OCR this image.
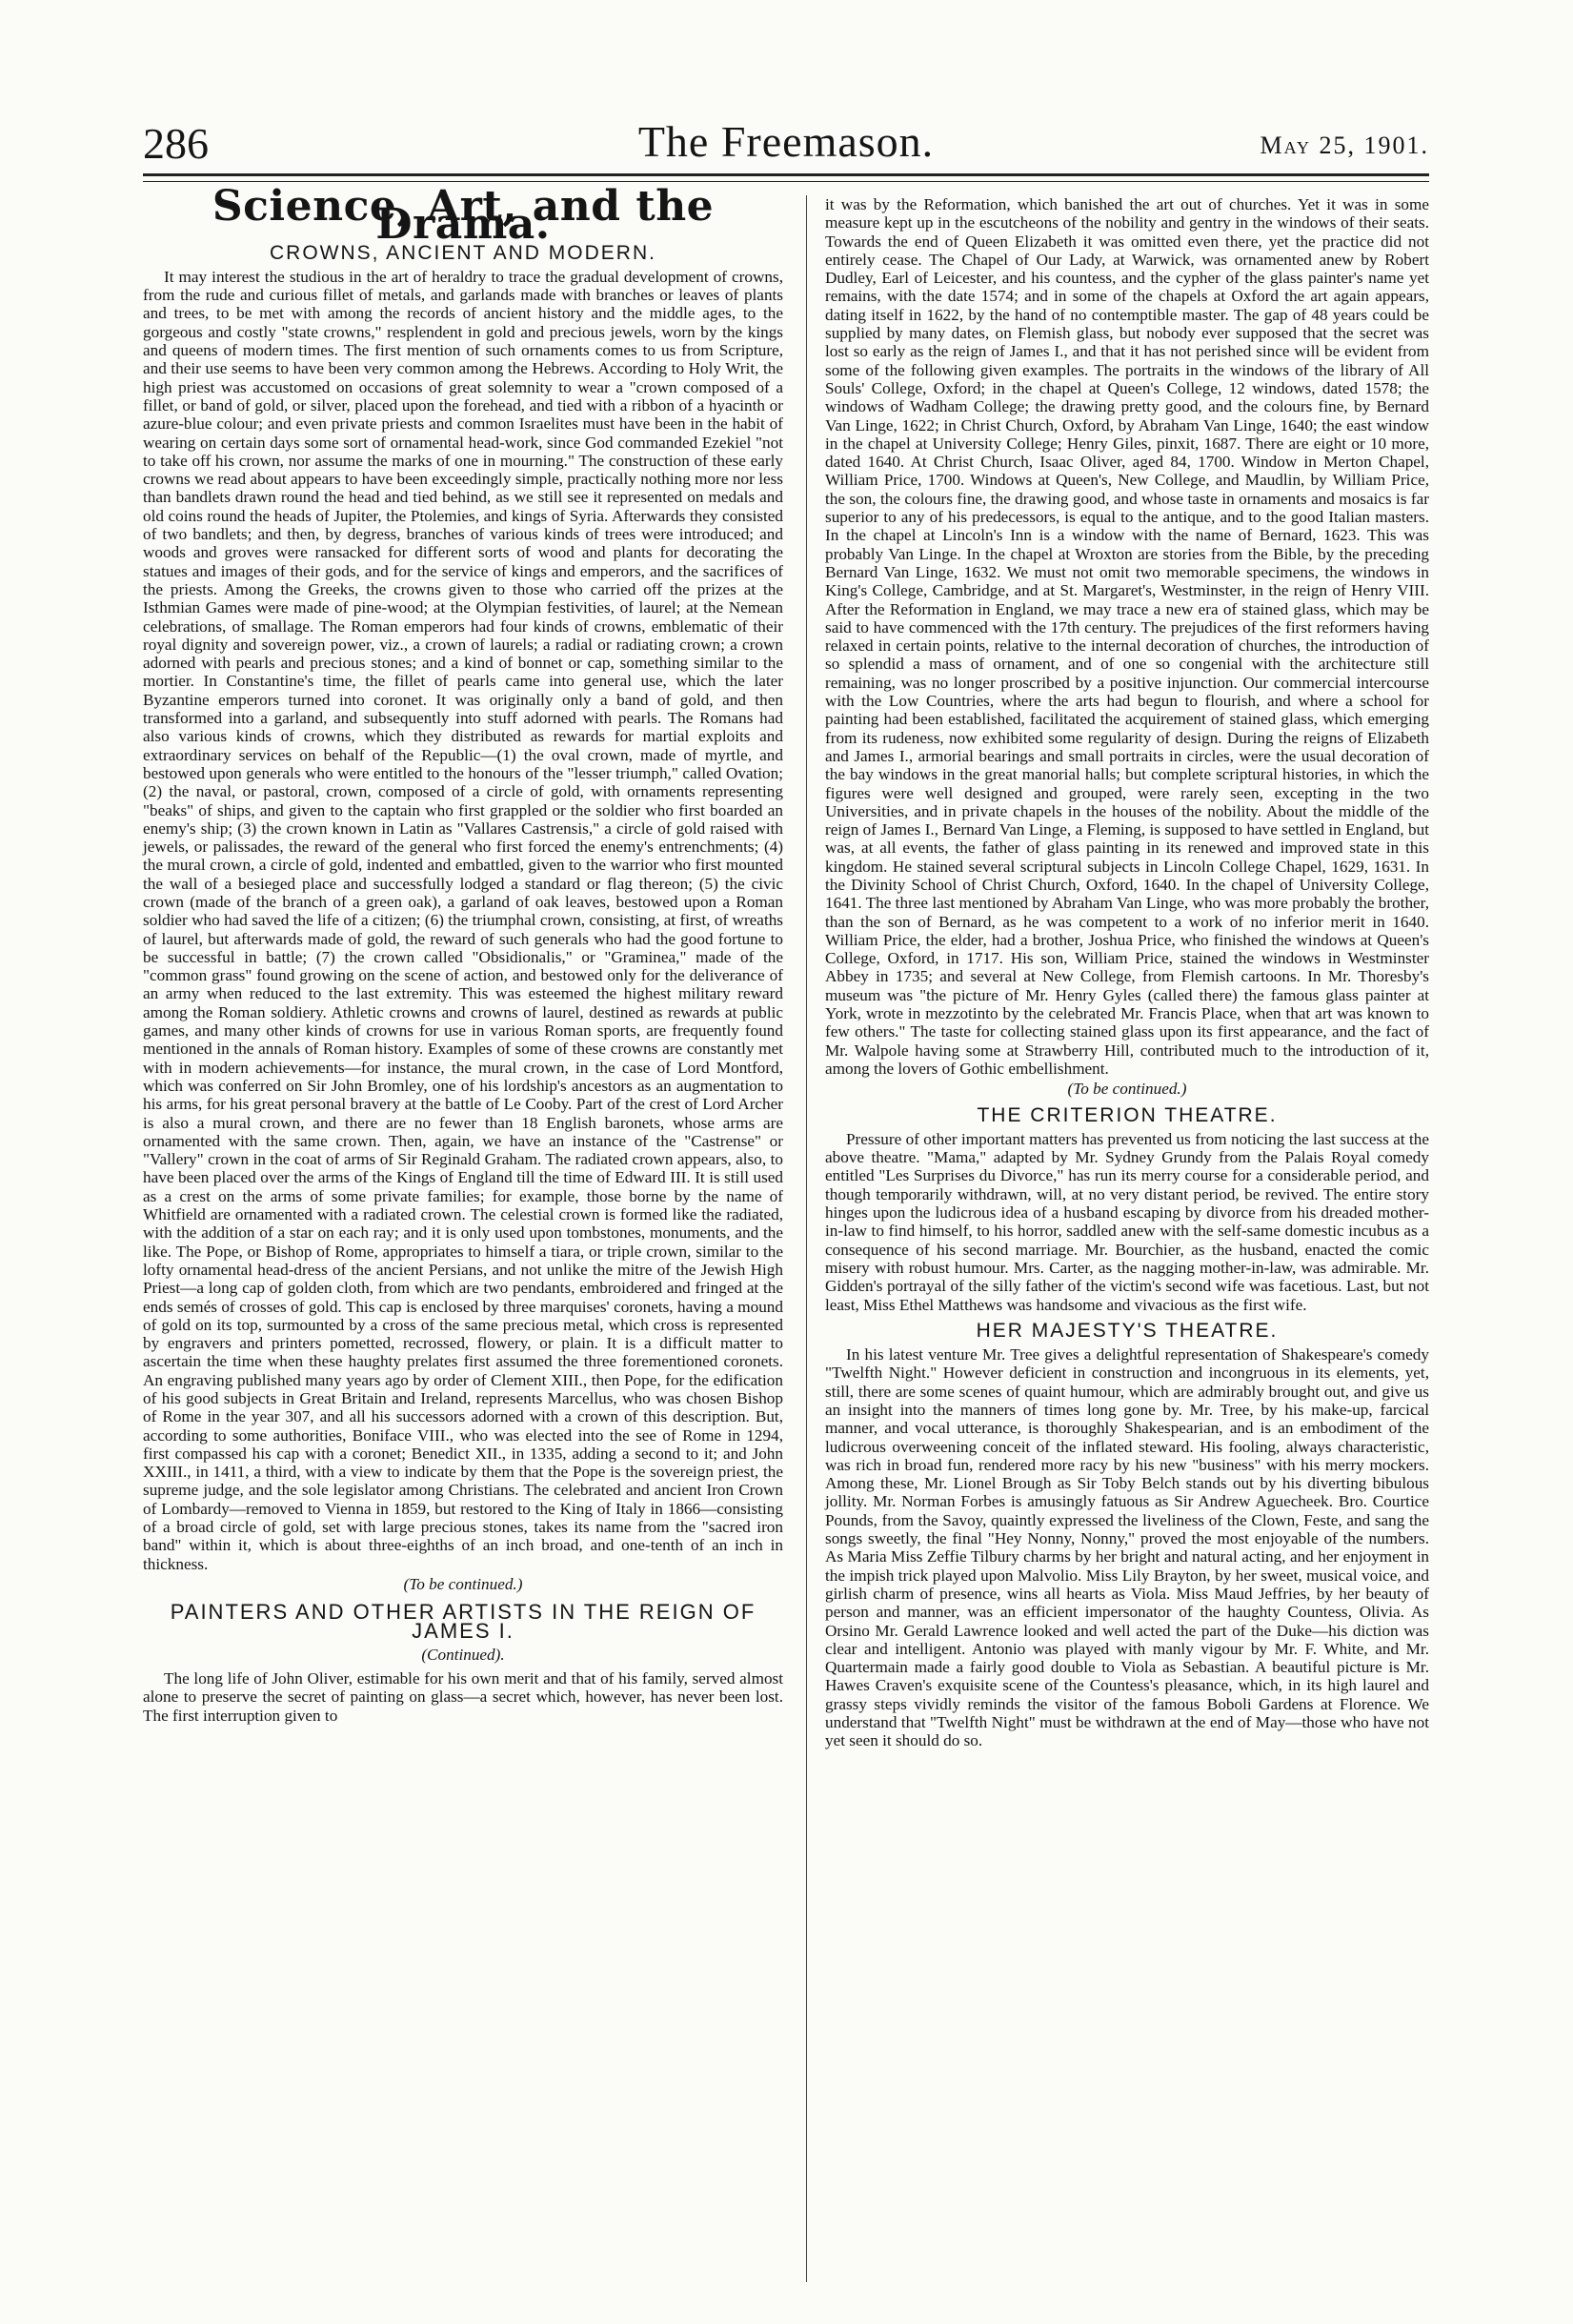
286	The Freemason.	May 25, 1901.
Science, Art, and the Drama.
CROWNS, ANCIENT AND MODERN.

It may interest the studious in the art of heraldry to trace the gradual development of crowns, from the rude and curious fillet of metals, and garlands made with branches or leaves of plants and trees, to be met with among the records of ancient history and the middle ages, to the gorgeous and costly "state crowns," resplendent in gold and precious jewels, worn by the kings and queens of modern times. The first mention of such ornaments comes to us from Scripture, and their use seems to have been very common among the Hebrews. According to Holy Writ, the high priest was accustomed on occasions of great solemnity to wear a "crown composed of a fillet, or band of gold, or silver, placed upon the forehead, and tied with a ribbon of a hyacinth or azure-blue colour; and even private priests and common Israelites must have been in the habit of wearing on certain days some sort of ornamental head-work, since God commanded Ezekiel "not to take off his crown, nor assume the marks of one in mourning." The construction of these early crowns we read about appears to have been exceedingly simple, practically nothing more nor less than bandlets drawn round the head and tied behind, as we still see it represented on medals and old coins round the heads of Jupiter, the Ptolemies, and kings of Syria. Afterwards they consisted of two bandlets; and then, by degress, branches of various kinds of trees were introduced; and woods and groves were ransacked for different sorts of wood and plants for decorating the statues and images of their gods, and for the service of kings and emperors, and the sacrifices of the priests. Among the Greeks, the crowns given to those who carried off the prizes at the Isthmian Games were made of pine-wood; at the Olympian festivities, of laurel; at the Nemean celebrations, of smallage. The Roman emperors had four kinds of crowns, emblematic of their royal dignity and sovereign power, viz., a crown of laurels; a radial or radiating crown; a crown adorned with pearls and precious stones; and a kind of bonnet or cap, something similar to the mortier. In Constantine's time, the fillet of pearls came into general use, which the later Byzantine emperors turned into coronet. It was originally only a band of gold, and then transformed into a garland, and subsequently into stuff adorned with pearls. The Romans had also various kinds of crowns, which they distributed as rewards for martial exploits and extraordinary services on behalf of the Republic—(1) the oval crown, made of myrtle, and bestowed upon generals who were entitled to the honours of the "lesser triumph," called Ovation; (2) the naval, or pastoral, crown, composed of a circle of gold, with ornaments representing "beaks" of ships, and given to the captain who first grappled or the soldier who first boarded an enemy's ship; (3) the crown known in Latin as "Vallares Castrensis," a circle of gold raised with jewels, or palissades, the reward of the general who first forced the enemy's entrenchments; (4) the mural crown, a circle of gold, indented and embattled, given to the warrior who first mounted the wall of a besieged place and successfully lodged a standard or flag thereon; (5) the civic crown (made of the branch of a green oak), a garland of oak leaves, bestowed upon a Roman soldier who had saved the life of a citizen; (6) the triumphal crown, consisting, at first, of wreaths of laurel, but afterwards made of gold, the reward of such generals who had the good fortune to be successful in battle; (7) the crown called "Obsidionalis," or "Graminea," made of the "common grass" found growing on the scene of action, and bestowed only for the deliverance of an army when reduced to the last extremity. This was esteemed the highest military reward among the Roman soldiery. Athletic crowns and crowns of laurel, destined as rewards at public games, and many other kinds of crowns for use in various Roman sports, are frequently found mentioned in the annals of Roman history. Examples of some of these crowns are constantly met with in modern achievements—for instance, the mural crown, in the case of Lord Montford, which was conferred on Sir John Bromley, one of his lordship's ancestors as an augmentation to his arms, for his great personal bravery at the battle of Le Cooby. Part of the crest of Lord Archer is also a mural crown, and there are no fewer than 18 English baronets, whose arms are ornamented with the same crown. Then, again, we have an instance of the "Castrense" or "Vallery" crown in the coat of arms of Sir Reginald Graham. The radiated crown appears, also, to have been placed over the arms of the Kings of England till the time of Edward III. It is still used as a crest on the arms of some private families; for example, those borne by the name of Whitfield are ornamented with a radiated crown. The celestial crown is formed like the radiated, with the addition of a star on each ray; and it is only used upon tombstones, monuments, and the like. The Pope, or Bishop of Rome, appropriates to himself a tiara, or triple crown, similar to the lofty ornamental head-dress of the ancient Persians, and not unlike the mitre of the Jewish High Priest—a long cap of golden cloth, from which are two pendants, embroidered and fringed at the ends semés of crosses of gold. This cap is enclosed by three marquises' coronets, having a mound of gold on its top, surmounted by a cross of the same precious metal, which cross is represented by engravers and printers pometted, recrossed, flowery, or plain. It is a difficult matter to ascertain the time when these haughty prelates first assumed the three forementioned coronets. An engraving published many years ago by order of Clement XIII., then Pope, for the edification of his good subjects in Great Britain and Ireland, represents Marcellus, who was chosen Bishop of Rome in the year 307, and all his successors adorned with a crown of this description. But, according to some authorities, Boniface VIII., who was elected into the see of Rome in 1294, first compassed his cap with a coronet; Benedict XII., in 1335, adding a second to it; and John XXIII., in 1411, a third, with a view to indicate by them that the Pope is the sovereign priest, the supreme judge, and the sole legislator among Christians. The celebrated and ancient Iron Crown of Lombardy—removed to Vienna in 1859, but restored to the King of Italy in 1866—consisting of a broad circle of gold, set with large precious stones, takes its name from the "sacred iron band" within it, which is about three-eighths of an inch broad, and one-tenth of an inch in thickness.

(To be continued.)
PAINTERS AND OTHER ARTISTS IN THE REIGN OF JAMES I.
(Continued).

The long life of John Oliver, estimable for his own merit and that of his family, served almost alone to preserve the secret of painting on glass—a secret which, however, has never been lost. The first interruption given to

it was by the Reformation, which banished the art out of churches. Yet it was in some measure kept up in the escutcheons of the nobility and gentry in the windows of their seats. Towards the end of Queen Elizabeth it was omitted even there, yet the practice did not entirely cease. The Chapel of Our Lady, at Warwick, was ornamented anew by Robert Dudley, Earl of Leicester, and his countess, and the cypher of the glass painter's name yet remains, with the date 1574; and in some of the chapels at Oxford the art again appears, dating itself in 1622, by the hand of no contemptible master. The gap of 48 years could be supplied by many dates, on Flemish glass, but nobody ever supposed that the secret was lost so early as the reign of James I., and that it has not perished since will be evident from some of the following given examples. The portraits in the windows of the library of All Souls' College, Oxford; in the chapel at Queen's College, 12 windows, dated 1578; the windows of Wadham College; the drawing pretty good, and the colours fine, by Bernard Van Linge, 1622; in Christ Church, Oxford, by Abraham Van Linge, 1640; the east window in the chapel at University College; Henry Giles, pinxit, 1687. There are eight or 10 more, dated 1640. At Christ Church, Isaac Oliver, aged 84, 1700. Window in Merton Chapel, William Price, 1700. Windows at Queen's, New College, and Maudlin, by William Price, the son, the colours fine, the drawing good, and whose taste in ornaments and mosaics is far superior to any of his predecessors, is equal to the antique, and to the good Italian masters. In the chapel at Lincoln's Inn is a window with the name of Bernard, 1623. This was probably Van Linge. In the chapel at Wroxton are stories from the Bible, by the preceding Bernard Van Linge, 1632. We must not omit two memorable specimens, the windows in King's College, Cambridge, and at St. Margaret's, Westminster, in the reign of Henry VIII. After the Reformation in England, we may trace a new era of stained glass, which may be said to have commenced with the 17th century. The prejudices of the first reformers having relaxed in certain points, relative to the internal decoration of churches, the introduction of so splendid a mass of ornament, and of one so congenial with the architecture still remaining, was no longer proscribed by a positive injunction. Our commercial intercourse with the Low Countries, where the arts had begun to flourish, and where a school for painting had been established, facilitated the acquirement of stained glass, which emerging from its rudeness, now exhibited some regularity of design. During the reigns of Elizabeth and James I., armorial bearings and small portraits in circles, were the usual decoration of the bay windows in the great manorial halls; but complete scriptural histories, in which the figures were well designed and grouped, were rarely seen, excepting in the two Universities, and in private chapels in the houses of the nobility. About the middle of the reign of James I., Bernard Van Linge, a Fleming, is supposed to have settled in England, but was, at all events, the father of glass painting in its renewed and improved state in this kingdom. He stained several scriptural subjects in Lincoln College Chapel, 1629, 1631. In the Divinity School of Christ Church, Oxford, 1640. In the chapel of University College, 1641. The three last mentioned by Abraham Van Linge, who was more probably the brother, than the son of Bernard, as he was competent to a work of no inferior merit in 1640. William Price, the elder, had a brother, Joshua Price, who finished the windows at Queen's College, Oxford, in 1717. His son, William Price, stained the windows in Westminster Abbey in 1735; and several at New College, from Flemish cartoons. In Mr. Thoresby's museum was "the picture of Mr. Henry Gyles (called there) the famous glass painter at York, wrote in mezzotinto by the celebrated Mr. Francis Place, when that art was known to few others." The taste for collecting stained glass upon its first appearance, and the fact of Mr. Walpole having some at Strawberry Hill, contributed much to the introduction of it, among the lovers of Gothic embellishment.

(To be continued.)
THE CRITERION THEATRE.

Pressure of other important matters has prevented us from noticing the last success at the above theatre. "Mama," adapted by Mr. Sydney Grundy from the Palais Royal comedy entitled "Les Surprises du Divorce," has run its merry course for a considerable period, and though temporarily withdrawn, will, at no very distant period, be revived. The entire story hinges upon the ludicrous idea of a husband escaping by divorce from his dreaded mother-in-law to find himself, to his horror, saddled anew with the self-same domestic incubus as a consequence of his second marriage. Mr. Bourchier, as the husband, enacted the comic misery with robust humour. Mrs. Carter, as the nagging mother-in-law, was admirable. Mr. Gidden's portrayal of the silly father of the victim's second wife was facetious. Last, but not least, Miss Ethel Matthews was handsome and vivacious as the first wife.

HER MAJESTY'S THEATRE.

In his latest venture Mr. Tree gives a delightful representation of Shakespeare's comedy "Twelfth Night." However deficient in construction and incongruous in its elements, yet, still, there are some scenes of quaint humour, which are admirably brought out, and give us an insight into the manners of times long gone by. Mr. Tree, by his make-up, farcical manner, and vocal utterance, is thoroughly Shakespearian, and is an embodiment of the ludicrous overweening conceit of the inflated steward. His fooling, always characteristic, was rich in broad fun, rendered more racy by his new "business" with his merry mockers. Among these, Mr. Lionel Brough as Sir Toby Belch stands out by his diverting bibulous jollity. Mr. Norman Forbes is amusingly fatuous as Sir Andrew Aguecheek. Bro. Courtice Pounds, from the Savoy, quaintly expressed the liveliness of the Clown, Feste, and sang the songs sweetly, the final "Hey Nonny, Nonny," proved the most enjoyable of the numbers. As Maria Miss Zeffie Tilbury charms by her bright and natural acting, and her enjoyment in the impish trick played upon Malvolio. Miss Lily Brayton, by her sweet, musical voice, and girlish charm of presence, wins all hearts as Viola. Miss Maud Jeffries, by her beauty of person and manner, was an efficient impersonator of the haughty Countess, Olivia. As Orsino Mr. Gerald Lawrence looked and well acted the part of the Duke—his diction was clear and intelligent. Antonio was played with manly vigour by Mr. F. White, and Mr. Quartermain made a fairly good double to Viola as Sebastian. A beautiful picture is Mr. Hawes Craven's exquisite scene of the Countess's pleasance, which, in its high laurel and grassy steps vividly reminds the visitor of the famous Boboli Gardens at Florence. We understand that "Twelfth Night" must be withdrawn at the end of May—those who have not yet seen it should do so.
